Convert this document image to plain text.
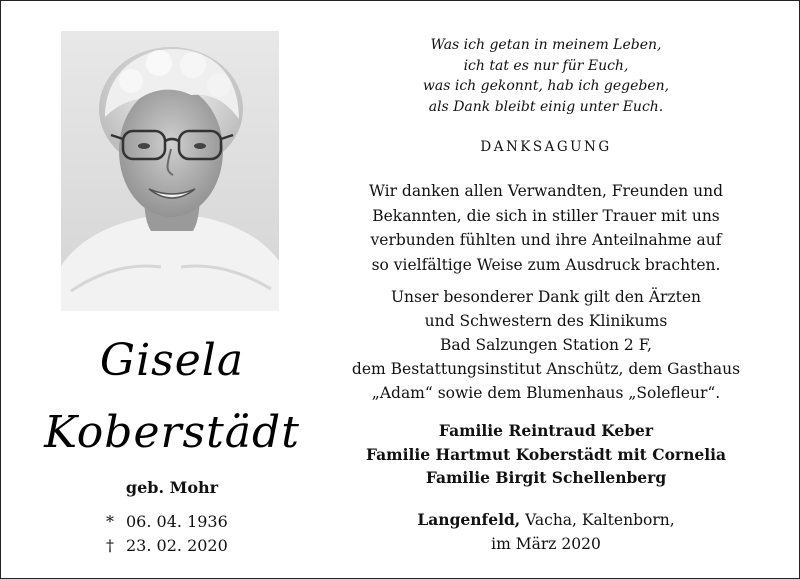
Gisela
Koberstädt
geb. Mohr
* 06. 04. 1936
† 23. 02. 2020
Was ich getan in meinem Leben,
ich tat es nur für Euch,
was ich gekonnt, hab ich gegeben,
als Dank bleibt einig unter Euch.
DANKSAGUNG
Wir danken allen Verwandten, Freunden und
Bekannten, die sich in stiller Trauer mit uns
verbunden fühlten und ihre Anteilnahme auf
so vielfältige Weise zum Ausdruck brachten.
Unser besonderer Dank gilt den Ärzten
und Schwestern des Klinikums
Bad Salzungen Station 2 F,
dem Bestattungsinstitut Anschütz, dem Gasthaus
„Adam“ sowie dem Blumenhaus „Solefleur“.
Familie Reintraud Keber
Familie Hartmut Koberstädt mit Cornelia
Familie Birgit Schellenberg
Langenfeld, Vacha, Kaltenborn,
im März 2020
